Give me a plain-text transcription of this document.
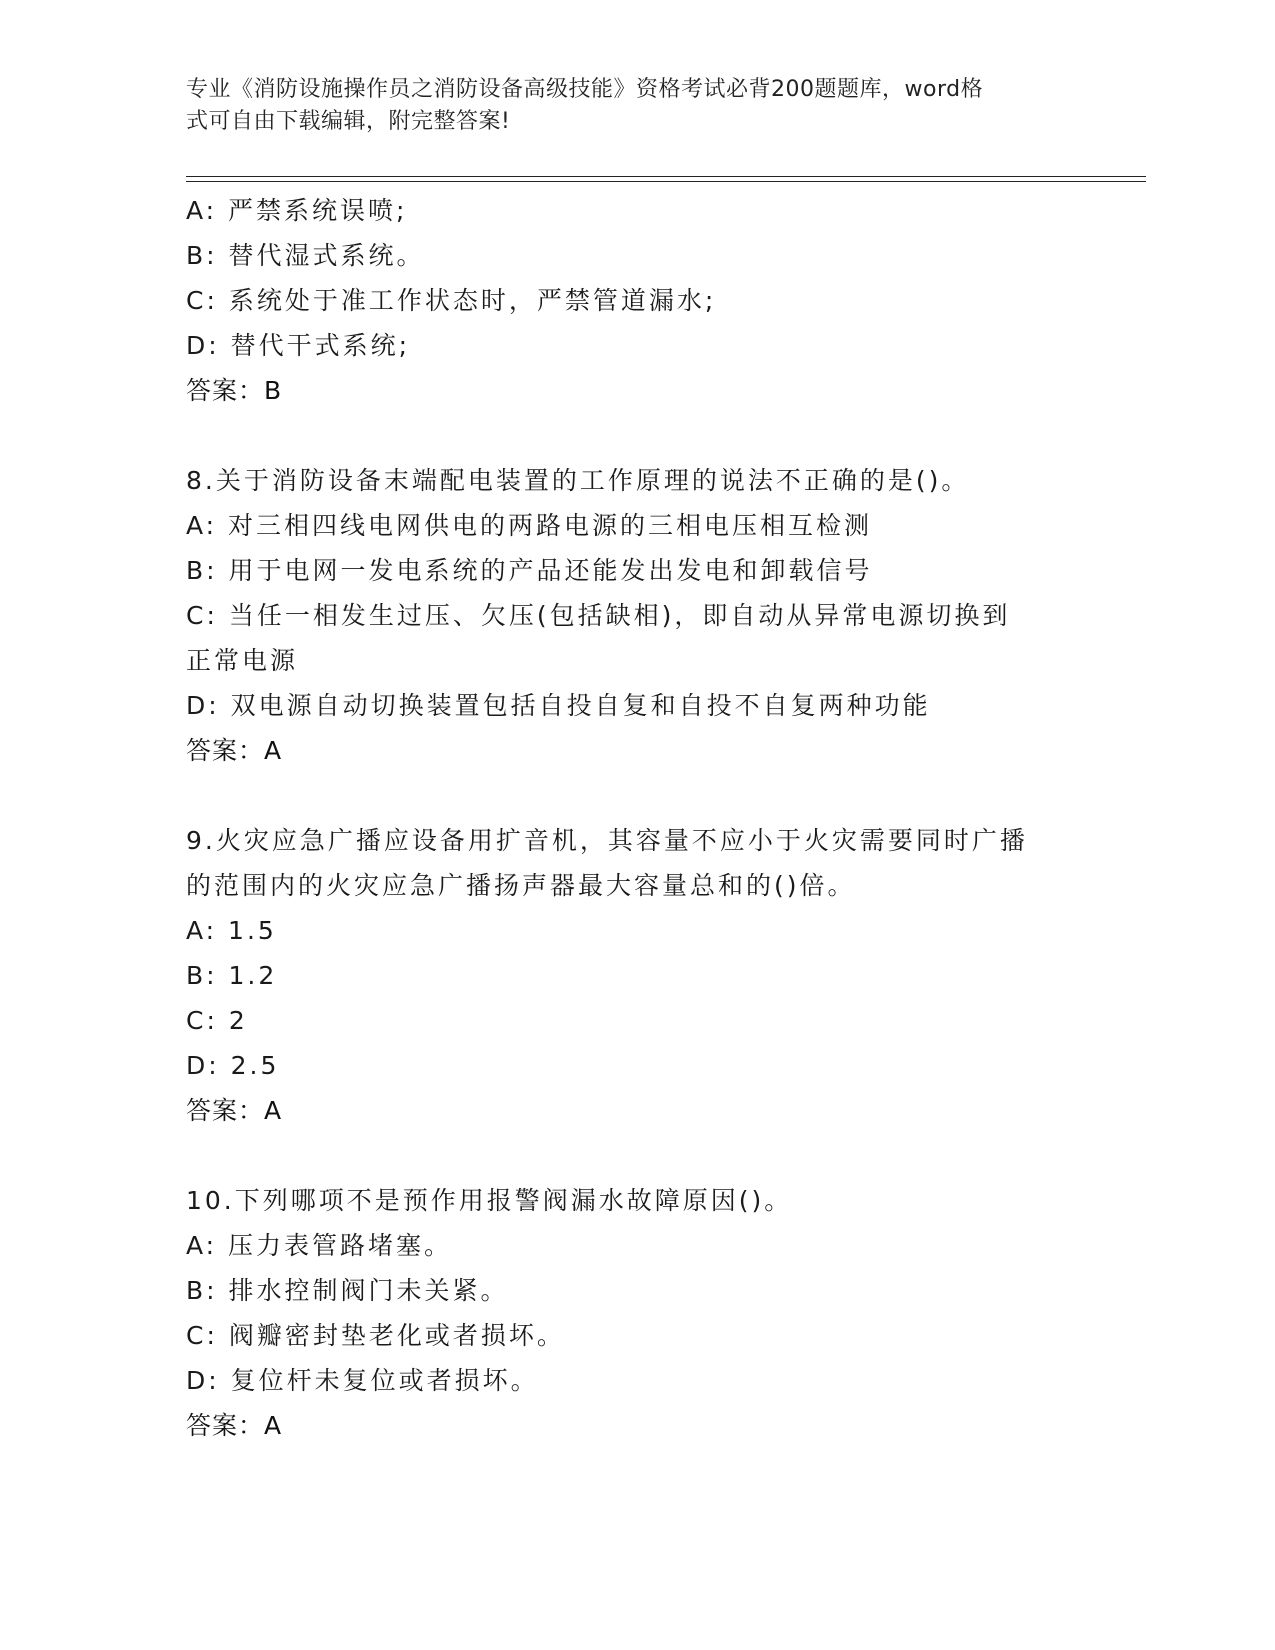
专业《消防设施操作员之消防设备高级技能》资格考试必背200题题库，word格
式可自由下载编辑，附完整答案!
A: 严禁系统误喷;
B: 替代湿式系统。
C: 系统处于准工作状态时，严禁管道漏水;
D: 替代干式系统;
答案：B
8.关于消防设备末端配电装置的工作原理的说法不正确的是()。
A: 对三相四线电网供电的两路电源的三相电压相互检测
B: 用于电网一发电系统的产品还能发出发电和卸载信号
C: 当任一相发生过压、欠压(包括缺相)，即自动从异常电源切换到
正常电源
D: 双电源自动切换装置包括自投自复和自投不自复两种功能
答案：A
9.火灾应急广播应设备用扩音机，其容量不应小于火灾需要同时广播
的范围内的火灾应急广播扬声器最大容量总和的()倍。
A: 1.5
B: 1.2
C: 2
D: 2.5
答案：A
10.下列哪项不是预作用报警阀漏水故障原因()。
A: 压力表管路堵塞。
B: 排水控制阀门未关紧。
C: 阀瓣密封垫老化或者损坏。
D: 复位杆未复位或者损坏。
答案：A
